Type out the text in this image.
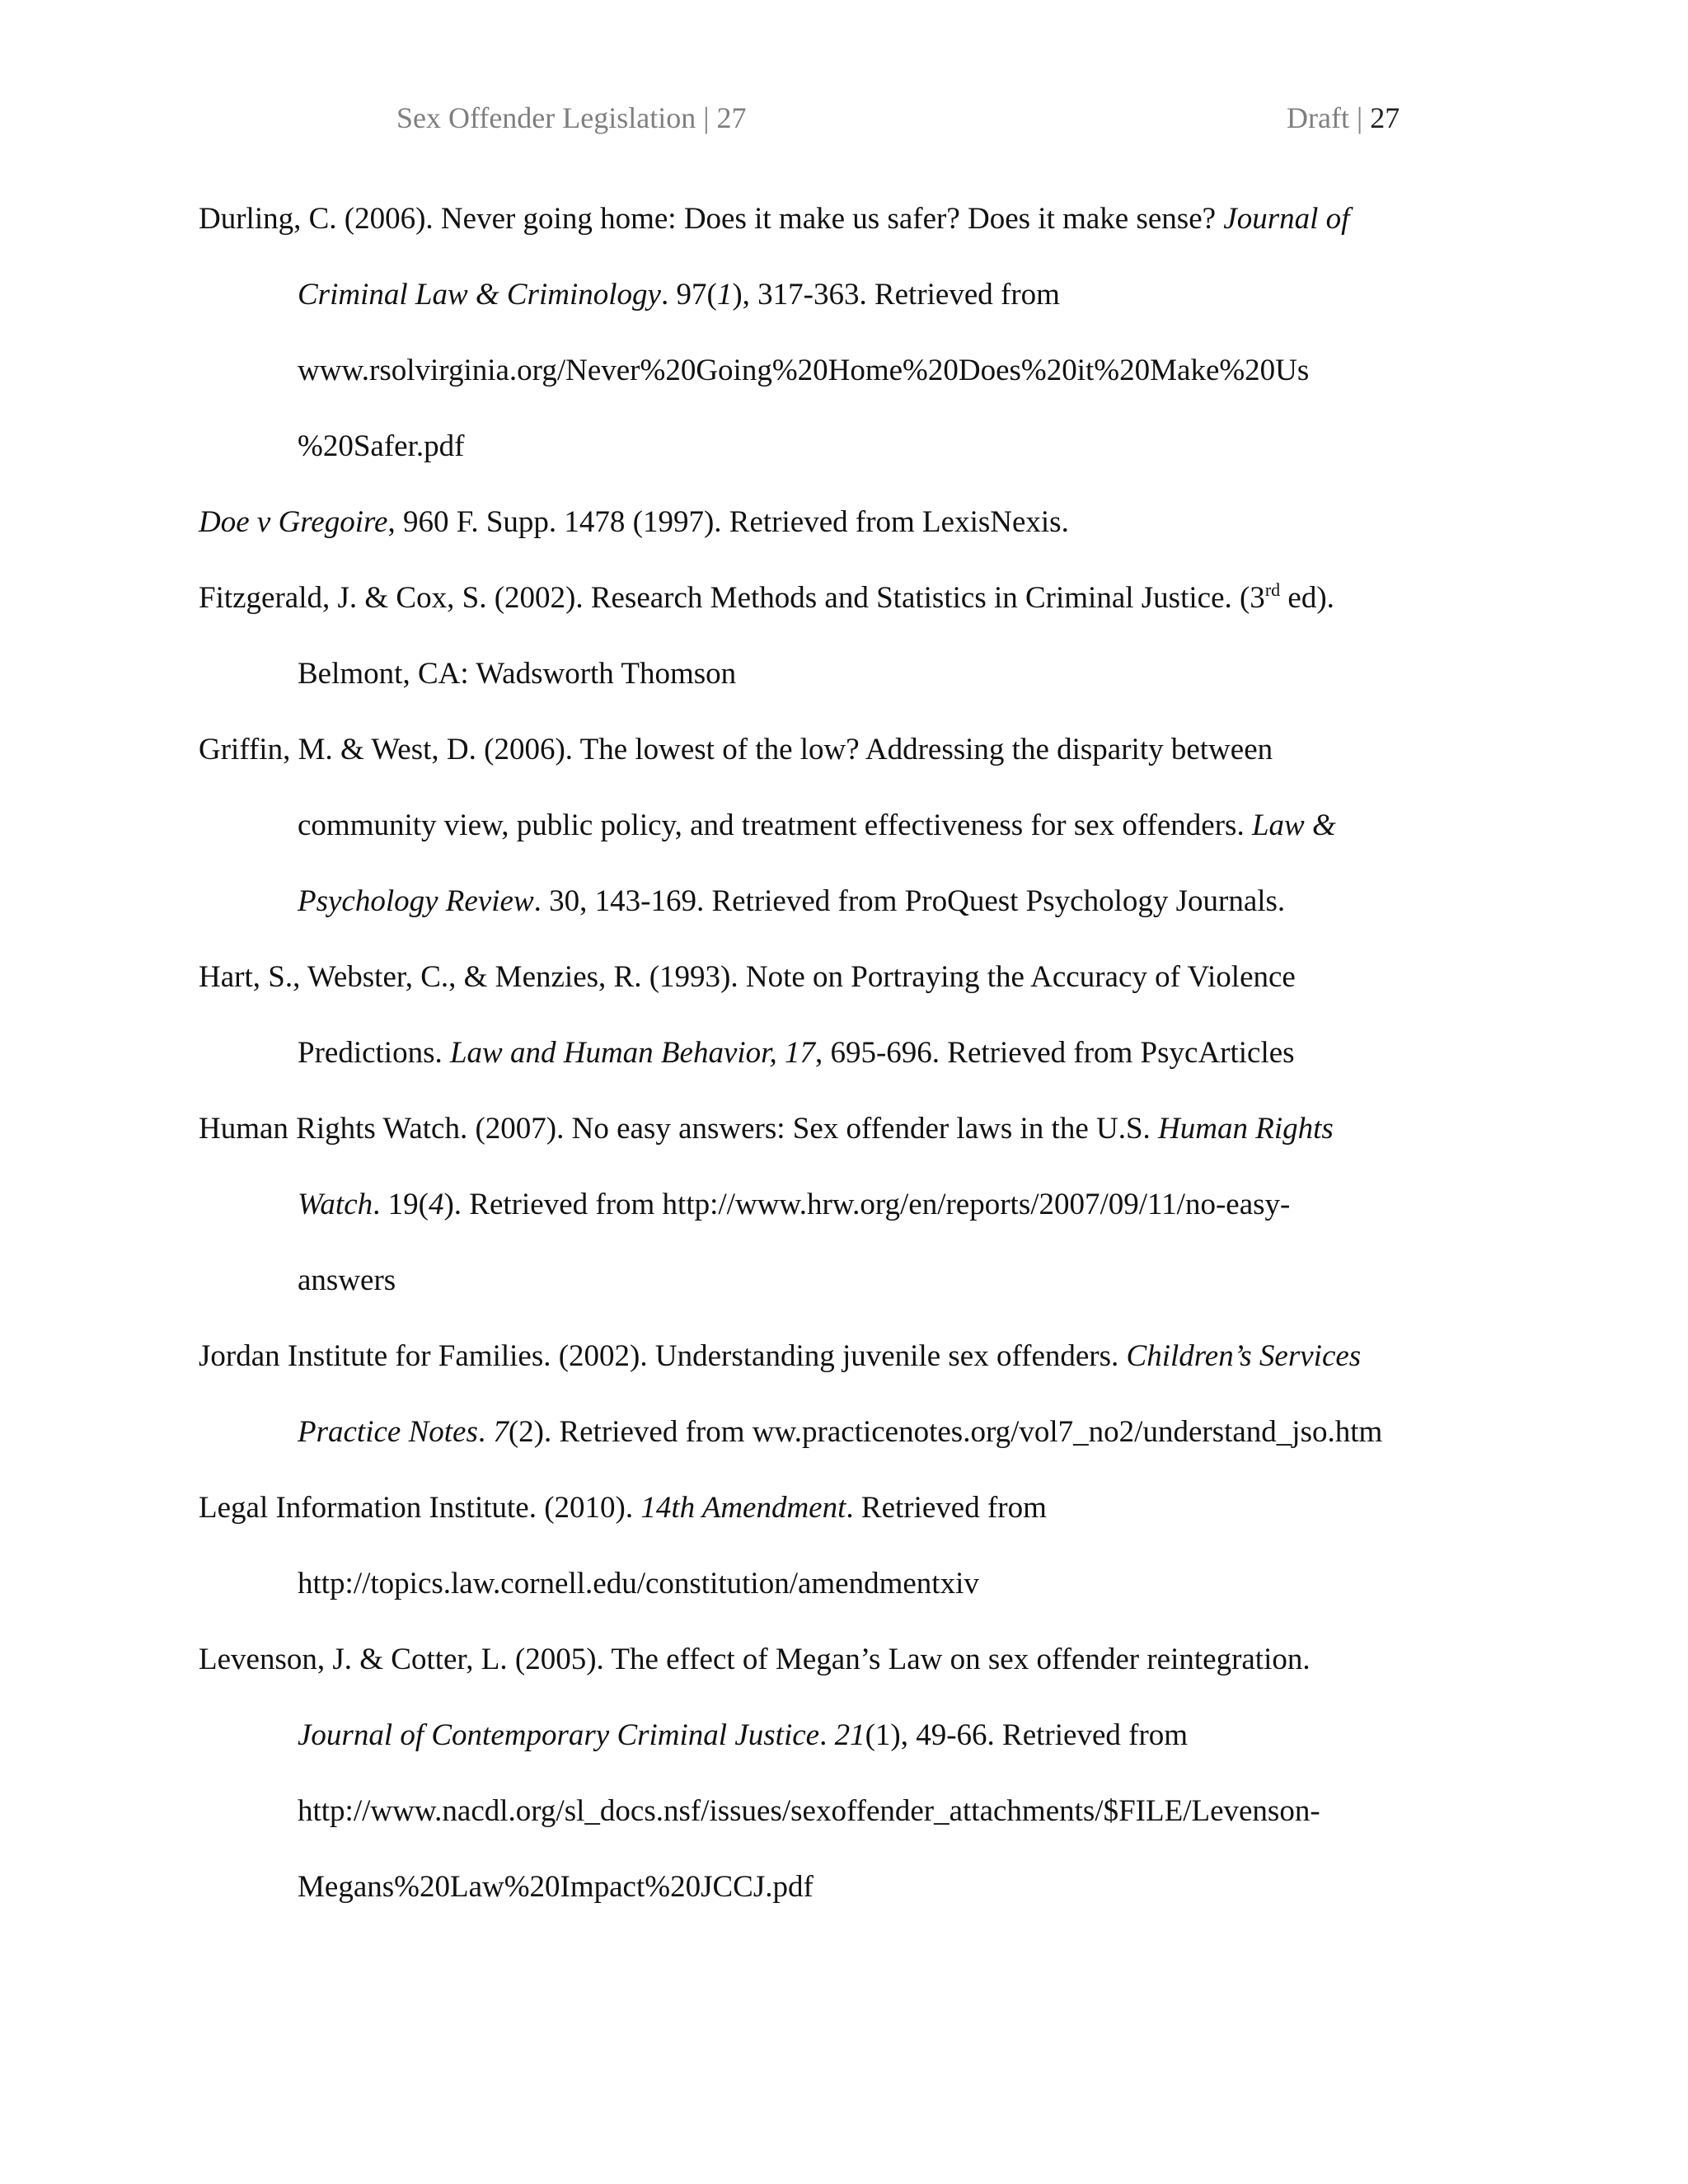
Sex Offender Legislation | 27	Draft | 27
Durling, C. (2006). Never going home: Does it make us safer? Does it make sense? Journal of
Criminal Law & Criminology. 97(1), 317-363. Retrieved from
www.rsolvirginia.org/Never%20Going%20Home%20Does%20it%20Make%20Us
%20Safer.pdf
Doe v Gregoire, 960 F. Supp. 1478 (1997). Retrieved from LexisNexis.
Fitzgerald, J. & Cox, S. (2002). Research Methods and Statistics in Criminal Justice. (3rd ed).
Belmont, CA: Wadsworth Thomson
Griffin, M. & West, D. (2006). The lowest of the low? Addressing the disparity between
community view, public policy, and treatment effectiveness for sex offenders. Law &
Psychology Review. 30, 143-169. Retrieved from ProQuest Psychology Journals.
Hart, S., Webster, C., & Menzies, R. (1993). Note on Portraying the Accuracy of Violence
Predictions. Law and Human Behavior, 17, 695-696. Retrieved from PsycArticles
Human Rights Watch. (2007). No easy answers: Sex offender laws in the U.S. Human Rights
Watch. 19(4). Retrieved from http://www.hrw.org/en/reports/2007/09/11/no-easy-
answers
Jordan Institute for Families. (2002). Understanding juvenile sex offenders. Children’s Services
Practice Notes. 7(2). Retrieved from ww.practicenotes.org/vol7_no2/understand_jso.htm
Legal Information Institute. (2010). 14th Amendment. Retrieved from
http://topics.law.cornell.edu/constitution/amendmentxiv
Levenson, J. & Cotter, L. (2005). The effect of Megan’s Law on sex offender reintegration.
Journal of Contemporary Criminal Justice. 21(1), 49-66. Retrieved from
http://www.nacdl.org/sl_docs.nsf/issues/sexoffender_attachments/$FILE/Levenson-
Megans%20Law%20Impact%20JCCJ.pdf
